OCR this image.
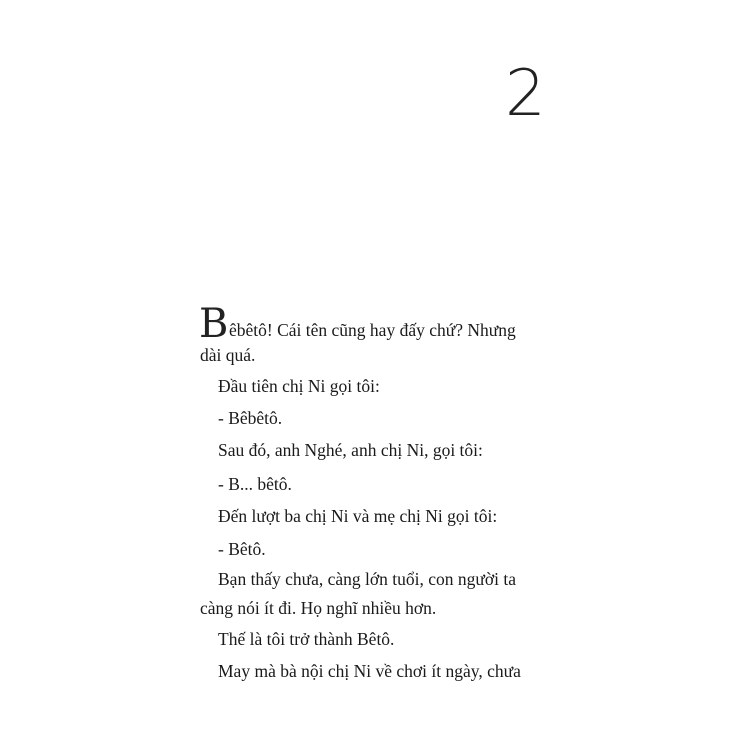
2
B êbêtô! Cái tên cũng hay đấy chứ? Nhưng
dài quá.
Đầu tiên chị Ni gọi tôi:
- Bêbêtô.
Sau đó, anh Nghé, anh chị Ni, gọi tôi:
- B... bêtô.
Đến lượt ba chị Ni và mẹ chị Ni gọi tôi:
- Bêtô.
Bạn thấy chưa, càng lớn tuổi, con người ta
càng nói ít đi. Họ nghĩ nhiều hơn.
Thế là tôi trở thành Bêtô.
May mà bà nội chị Ni về chơi ít ngày, chưa
